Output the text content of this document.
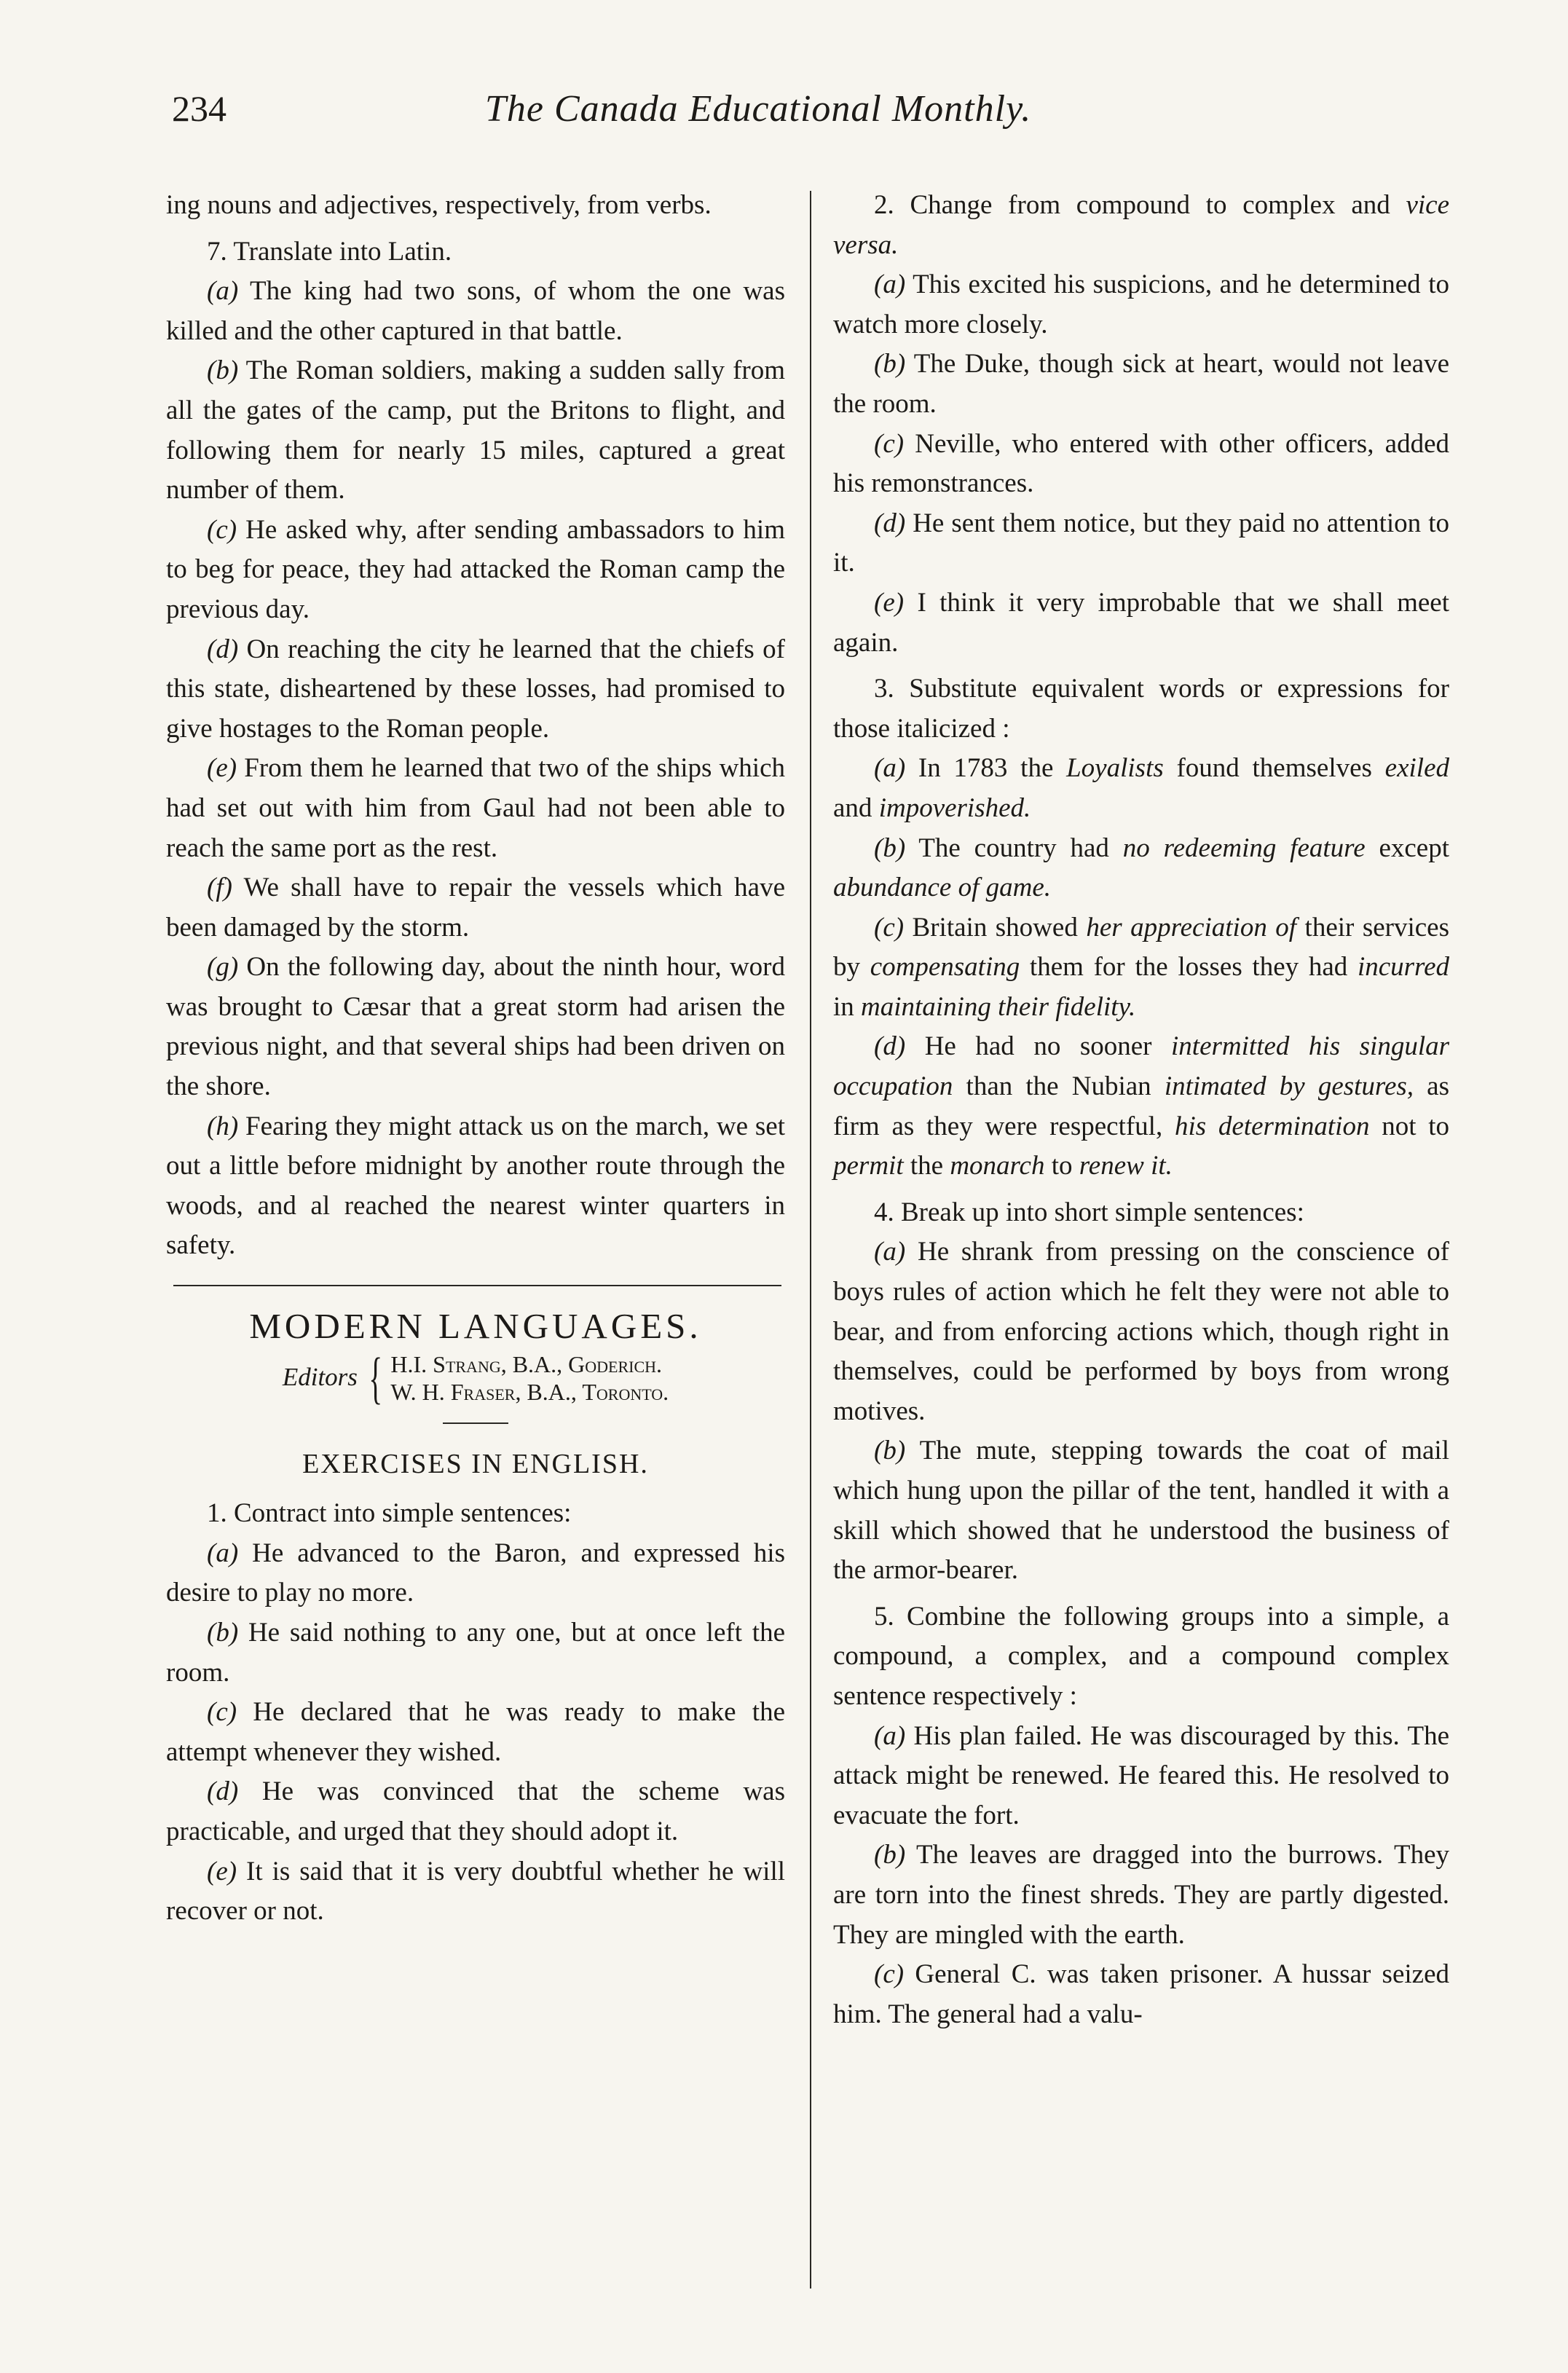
234	The Canada Educational Monthly.

ing nouns and adjectives, respectively, from verbs.

7. Translate into Latin.

(a) The king had two sons, of whom the one was killed and the other captured in that battle.

(b) The Roman soldiers, making a sudden sally from all the gates of the camp, put the Britons to flight, and following them for nearly 15 miles, captured a great number of them.

(c) He asked why, after sending ambassadors to him to beg for peace, they had attacked the Roman camp the previous day.

(d) On reaching the city he learned that the chiefs of this state, disheartened by these losses, had promised to give hostages to the Roman people.

(e) From them he learned that two of the ships which had set out with him from Gaul had not been able to reach the same port as the rest.

(f) We shall have to repair the vessels which have been damaged by the storm.

(g) On the following day, about the ninth hour, word was brought to Cæsar that a great storm had arisen the previous night, and that several ships had been driven on the shore.

(h) Fearing they might attack us on the march, we set out a little before midnight by another route through the woods, and al reached the nearest winter quarters in safety.

MODERN LANGUAGES.
Editors { H.I. Strang, B.A., Goderich.
W. H. Fraser, B.A., Toronto.
EXERCISES IN ENGLISH.

1. Contract into simple sentences:

(a) He advanced to the Baron, and expressed his desire to play no more.

(b) He said nothing to any one, but at once left the room.

(c) He declared that he was ready to make the attempt whenever they wished.

(d) He was convinced that the scheme was practicable, and urged that they should adopt it.

(e) It is said that it is very doubtful whether he will recover or not.

2. Change from compound to complex and vice versa.

(a) This excited his suspicions, and he determined to watch more closely.

(b) The Duke, though sick at heart, would not leave the room.

(c) Neville, who entered with other officers, added his remonstrances.

(d) He sent them notice, but they paid no attention to it.

(e) I think it very improbable that we shall meet again.

3. Substitute equivalent words or expressions for those italicized :

(a) In 1783 the Loyalists found themselves exiled and impoverished.

(b) The country had no redeeming feature except abundance of game.

(c) Britain showed her appreciation of their services by compensating them for the losses they had incurred in maintaining their fidelity.

(d) He had no sooner intermitted his singular occupation than the Nubian intimated by gestures, as firm as they were respectful, his determination not to permit the monarch to renew it.

4. Break up into short simple sentences:

(a) He shrank from pressing on the conscience of boys rules of action which he felt they were not able to bear, and from enforcing actions which, though right in themselves, could be performed by boys from wrong motives.

(b) The mute, stepping towards the coat of mail which hung upon the pillar of the tent, handled it with a skill which showed that he understood the business of the armor-bearer.

5. Combine the following groups into a simple, a compound, a complex, and a compound complex sentence respectively :

(a) His plan failed. He was discouraged by this. The attack might be renewed. He feared this. He resolved to evacuate the fort.

(b) The leaves are dragged into the burrows. They are torn into the finest shreds. They are partly digested. They are mingled with the earth.

(c) General C. was taken prisoner. A hussar seized him. The general had a valu-
